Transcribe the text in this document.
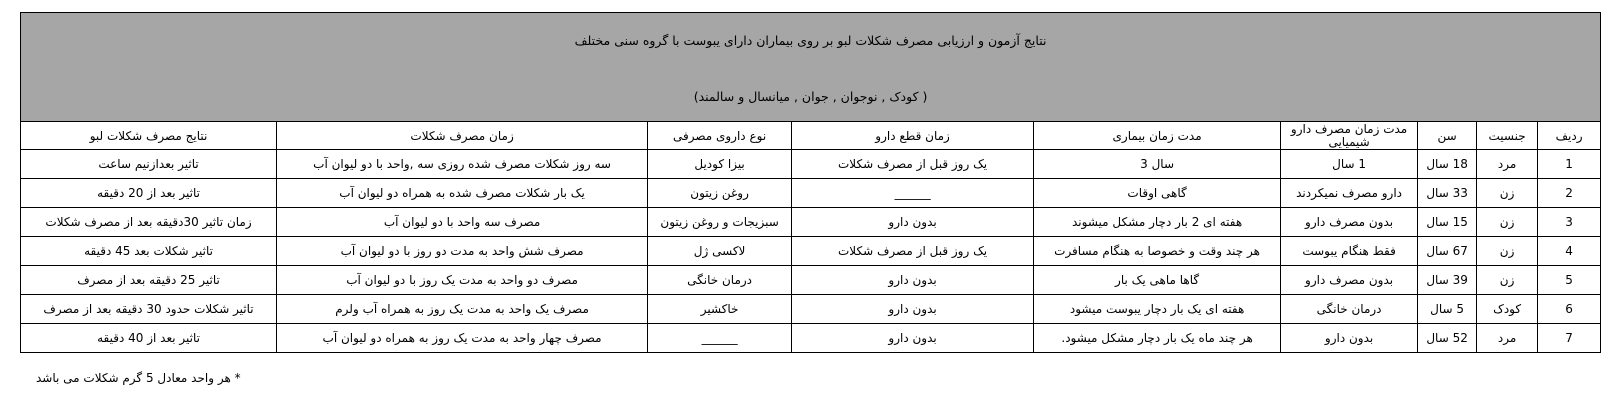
نتایج آزمون و ارزیابی مصرف شکلات لبو بر روی بیماران دارای یبوست با گروه سنی مختلف
( کودک , نوجوان , جوان , میانسال و سالمند)								

ردیف	جنسیت	سن	مدت زمان مصرف دارو شیمیایی	مدت زمان بیماری	زمان قطع دارو	نوع داروی مصرفی	زمان مصرف شکلات	نتایج مصرف شکلات لبو
1	مرد	18 سال	1 سال	سال 3	یک روز قبل از مصرف شکلات	بیزا کودیل	سه روز شکلات مصرف شده روزی سه ,واحد با دو لیوان آب	تاثیر بعدازنیم ساعت
2	زن	33 سال	دارو مصرف نمیکردند	گاهی اوقات	______	روغن زیتون	یک بار شکلات مصرف شده به همراه دو لیوان آب	تاثیر بعد از 20 دقیقه
3	زن	15 سال	بدون مصرف دارو	هفته ای 2 بار دچار مشکل میشوند	بدون دارو	سبزیجات و روغن زیتون	مصرف سه واحد با دو لیوان آب	زمان تاثیر 30دقیقه بعد از مصرف شکلات
4	زن	67 سال	فقط هنگام یبوست	هر چند وقت و خصوصا به هنگام مسافرت	یک روز قبل از مصرف شکلات	لاکسی ژل	مصرف شش واحد به مدت دو روز با دو لیوان آب	تاثیر شکلات بعد 45 دقیقه
5	زن	39 سال	بدون مصرف دارو	گاها ماهی یک بار	بدون دارو	درمان خانگی	مصرف دو واحد به مدت یک روز با دو لیوان آب	تاثیر 25 دقیقه بعد از مصرف
6	کودک	5 سال	درمان خانگی	هفته ای یک بار دچار یبوست میشود	بدون دارو	خاکشیر	مصرف یک واحد به مدت یک روز به همراه آب ولرم	تاثیر شکلات حدود 30 دقیقه بعد از مصرف
7	مرد	52 سال	بدون دارو	هر چند ماه یک بار دچار مشکل میشود.	بدون دارو	______	مصرف چهار واحد به مدت یک روز به همراه دو لیوان آب	تاثیر بعد از 40 دقیقه
* هر واحد معادل 5 گرم شکلات می باشد
